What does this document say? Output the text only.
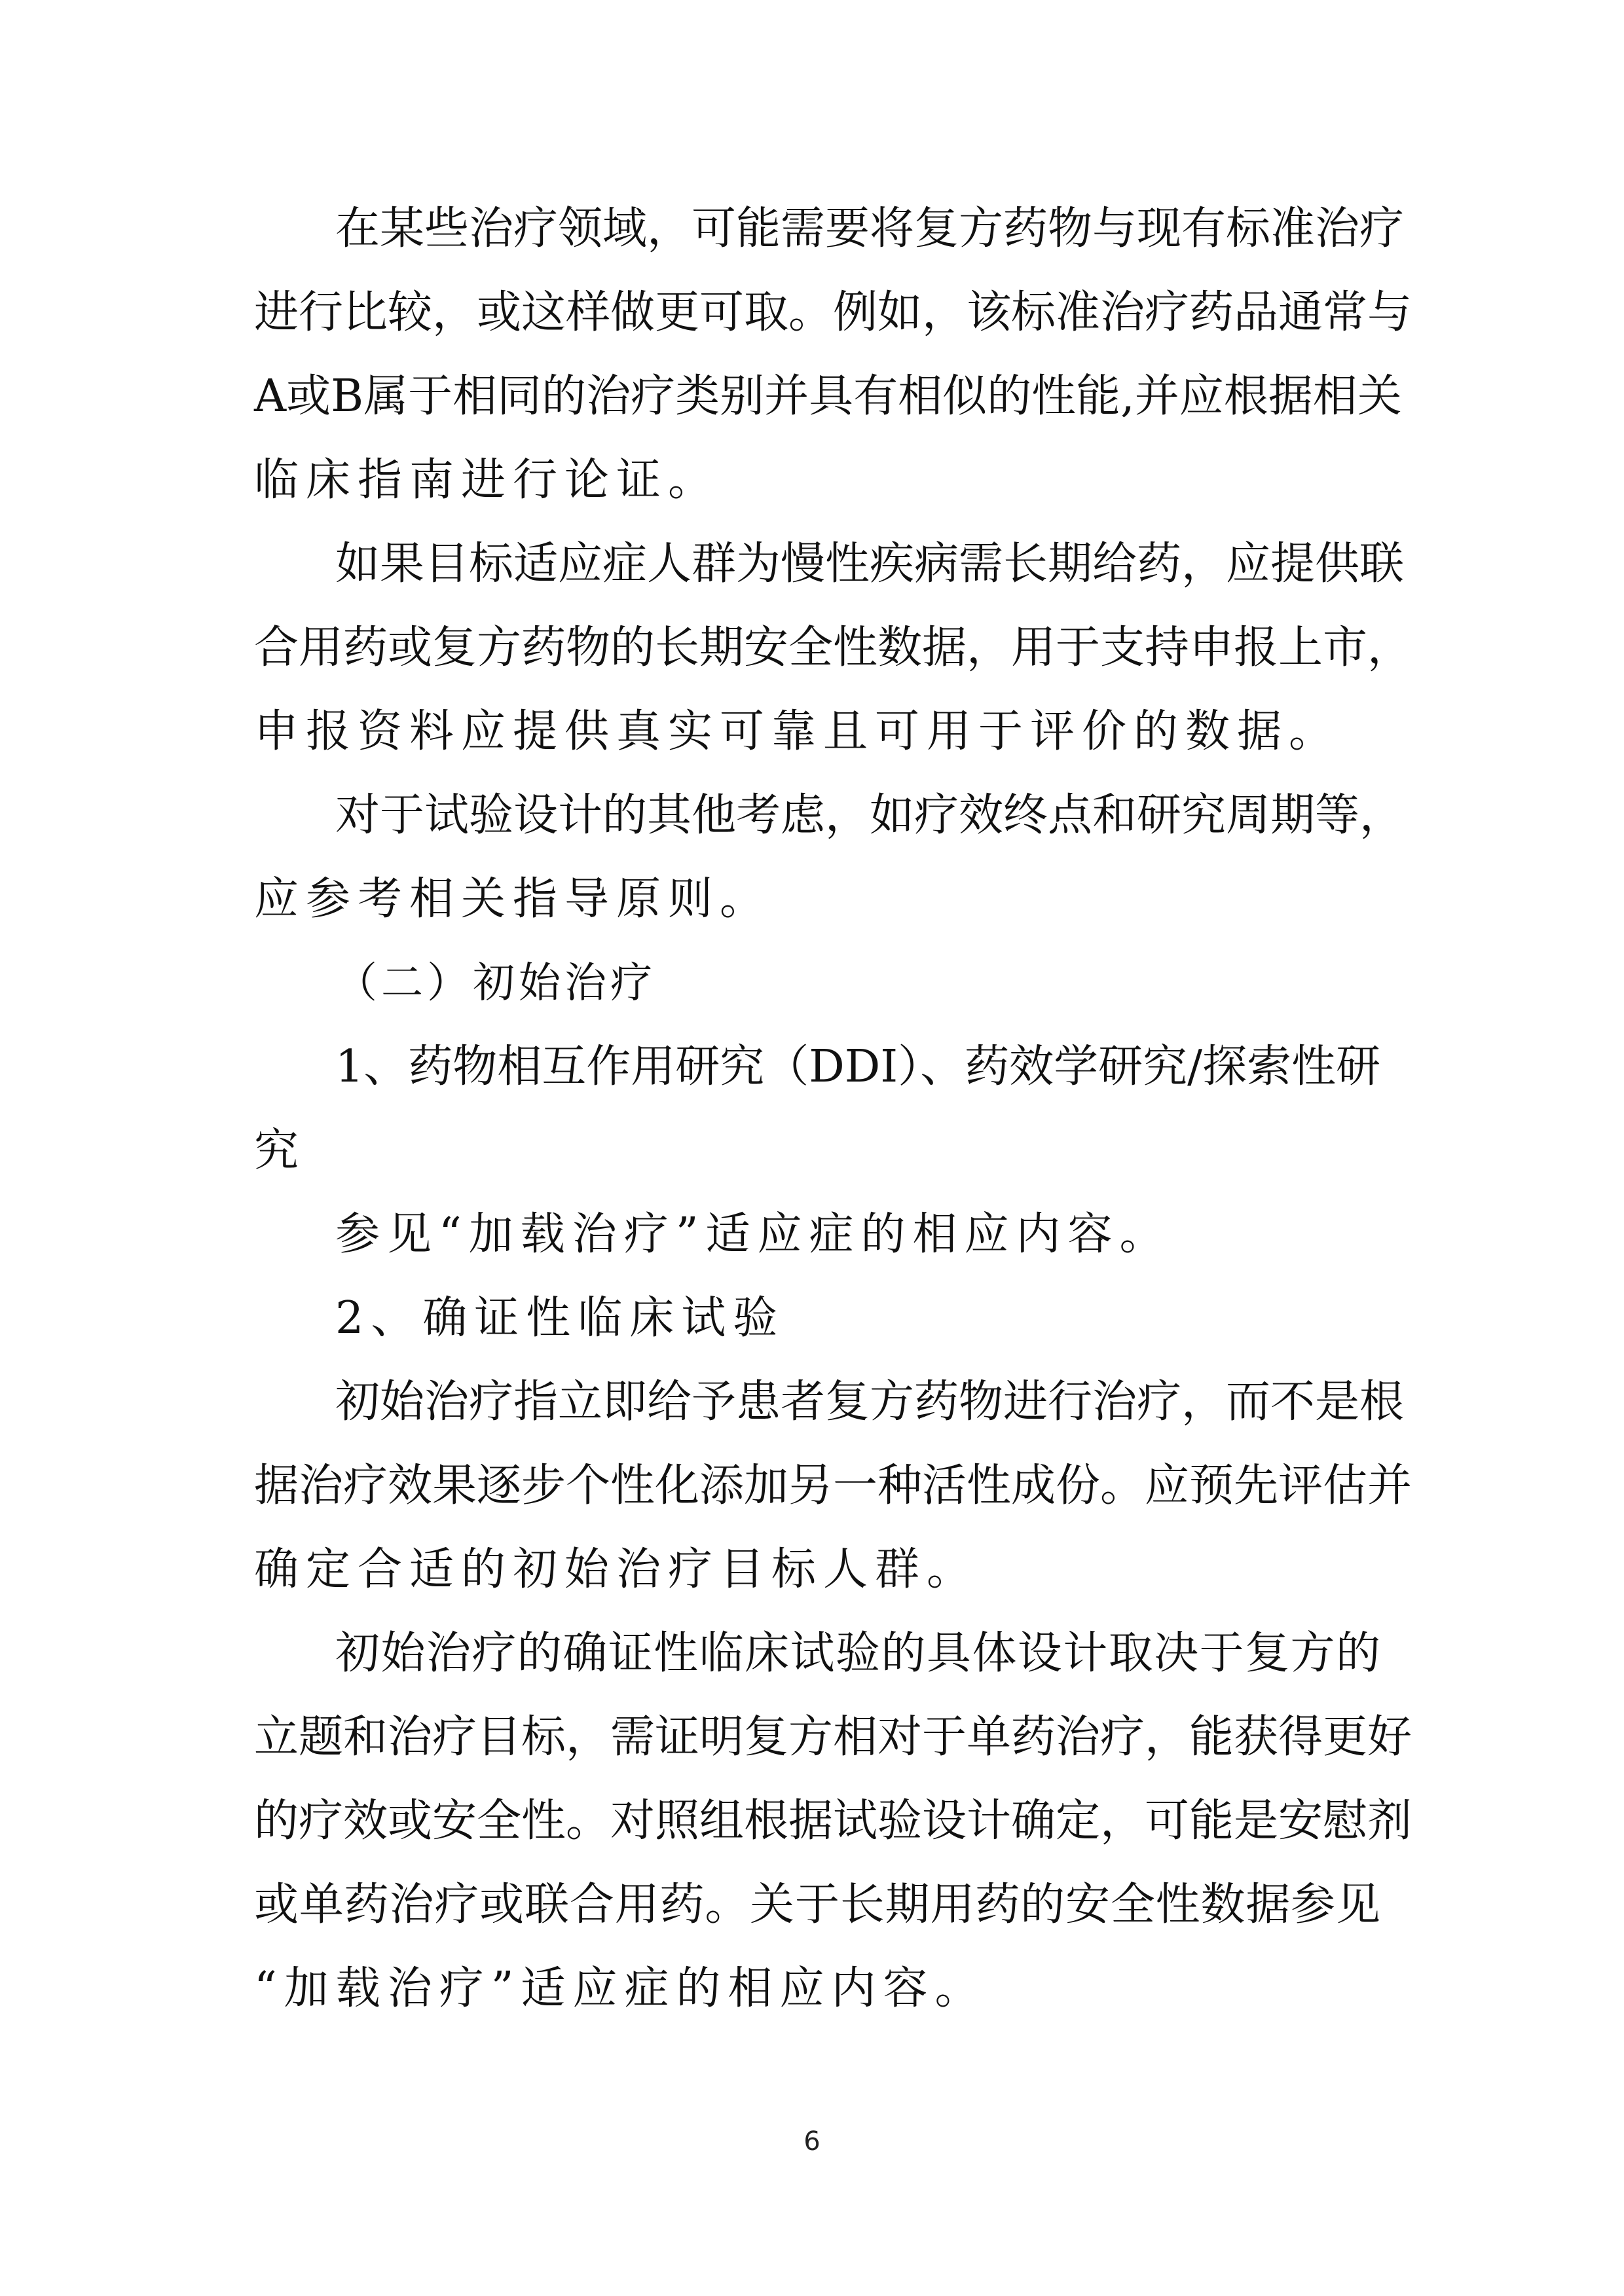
在某些治疗领域，可能需要将复方药物与现有标准治疗

进行比较，或这样做更可取。例如，该标准治疗药品通常与

A或B属于相同的治疗类别并具有相似的性能,并应根据相关

临床指南进行论证。

如果目标适应症人群为慢性疾病需长期给药，应提供联

合用药或复方药物的长期安全性数据，用于支持申报上市，

申报资料应提供真实可靠且可用于评价的数据。

对于试验设计的其他考虑，如疗效终点和研究周期等，

应参考相关指导原则。

（二）初始治疗

1、药物相互作用研究（DDI）、药效学研究/探索性研

究

参见“加载治疗”适应症的相应内容。

2、确证性临床试验

初始治疗指立即给予患者复方药物进行治疗，而不是根

据治疗效果逐步个性化添加另一种活性成份。应预先评估并

确定合适的初始治疗目标人群。

初始治疗的确证性临床试验的具体设计取决于复方的

立题和治疗目标，需证明复方相对于单药治疗，能获得更好

的疗效或安全性。对照组根据试验设计确定，可能是安慰剂

或单药治疗或联合用药。关于长期用药的安全性数据参见

“加载治疗”适应症的相应内容。

6
